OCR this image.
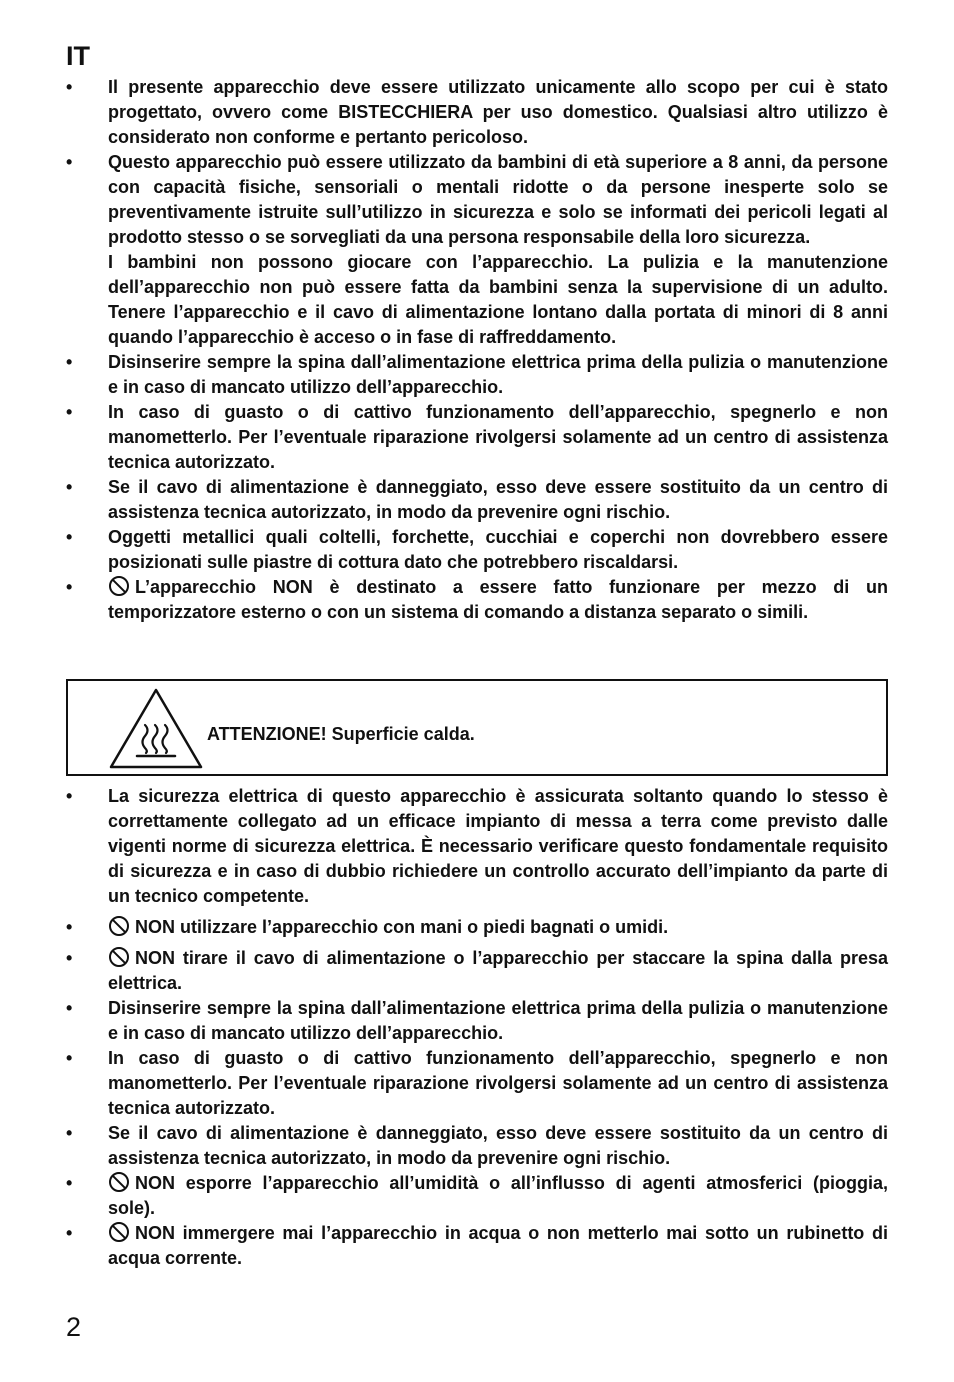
IT
• Il presente apparecchio deve essere utilizzato unicamente allo scopo per cui è stato progettato, ovvero come BISTECCHIERA per uso domestico. Qualsiasi altro utilizzo è considerato non conforme e pertanto pericoloso.

• Questo apparecchio può essere utilizzato da bambini di età superiore a 8 anni, da persone con capacità fisiche, sensoriali o mentali ridotte o da persone inesperte solo se preventivamente istruite sull’utilizzo in sicurezza e solo se informati dei pericoli legati al prodotto stesso o se sorvegliati da una persona responsabile della loro sicurezza.

I bambini non possono giocare con l’apparecchio. La pulizia e la manutenzione dell’apparecchio non può essere fatta da bambini senza la supervisione di un adulto. Tenere l’apparecchio e il cavo di alimentazione lontano dalla portata di minori di 8 anni quando l’apparecchio è acceso o in fase di raffreddamento.

• Disinserire sempre la spina dall’alimentazione elettrica prima della pulizia o manutenzione e in caso di mancato utilizzo dell’apparecchio.

• In caso di guasto o di cattivo funzionamento dell’apparecchio, spegnerlo e non manometterlo. Per l’eventuale riparazione rivolgersi solamente ad un centro di assistenza tecnica autorizzato.

• Se il cavo di alimentazione è danneggiato, esso deve essere sostituito da un centro di assistenza tecnica autorizzato, in modo da prevenire ogni rischio.

• Oggetti metallici quali coltelli, forchette, cucchiai e coperchi non dovrebbero essere posizionati sulle piastre di cottura dato che potrebbero riscaldarsi.

•	L’apparecchio NON è destinato a essere fatto funzionare per mezzo di un temporizzatore esterno o con un sistema di comando a distanza separato o simili.

ATTENZIONE! Superficie calda.
• La sicurezza elettrica di questo apparecchio è assicurata soltanto quando lo stesso è correttamente collegato ad un efficace impianto di messa a terra come previsto dalle vigenti norme di sicurezza elettrica. È necessario verificare questo fondamentale requisito di sicurezza e in caso di dubbio richiedere un controllo accurato dell’impianto da parte di un tecnico competente.

•	NON utilizzare l’apparecchio con mani o piedi bagnati o umidi.

•	NON tirare il cavo di alimentazione o l’apparecchio per staccare la spina dalla presa elettrica.

• Disinserire sempre la spina dall’alimentazione elettrica prima della pulizia o manutenzione e in caso di mancato utilizzo dell’apparecchio.

• In caso di guasto o di cattivo funzionamento dell’apparecchio, spegnerlo e non manometterlo. Per l’eventuale riparazione rivolgersi solamente ad un centro di assistenza tecnica autorizzato.

• Se il cavo di alimentazione è danneggiato, esso deve essere sostituito da un centro di assistenza tecnica autorizzato, in modo da prevenire ogni rischio.

•	NON esporre l’apparecchio all’umidità o all’influsso di agenti atmosferici (pioggia, sole).

•	NON immergere mai l’apparecchio in acqua o non metterlo mai sotto un rubinetto di acqua corrente.

2
